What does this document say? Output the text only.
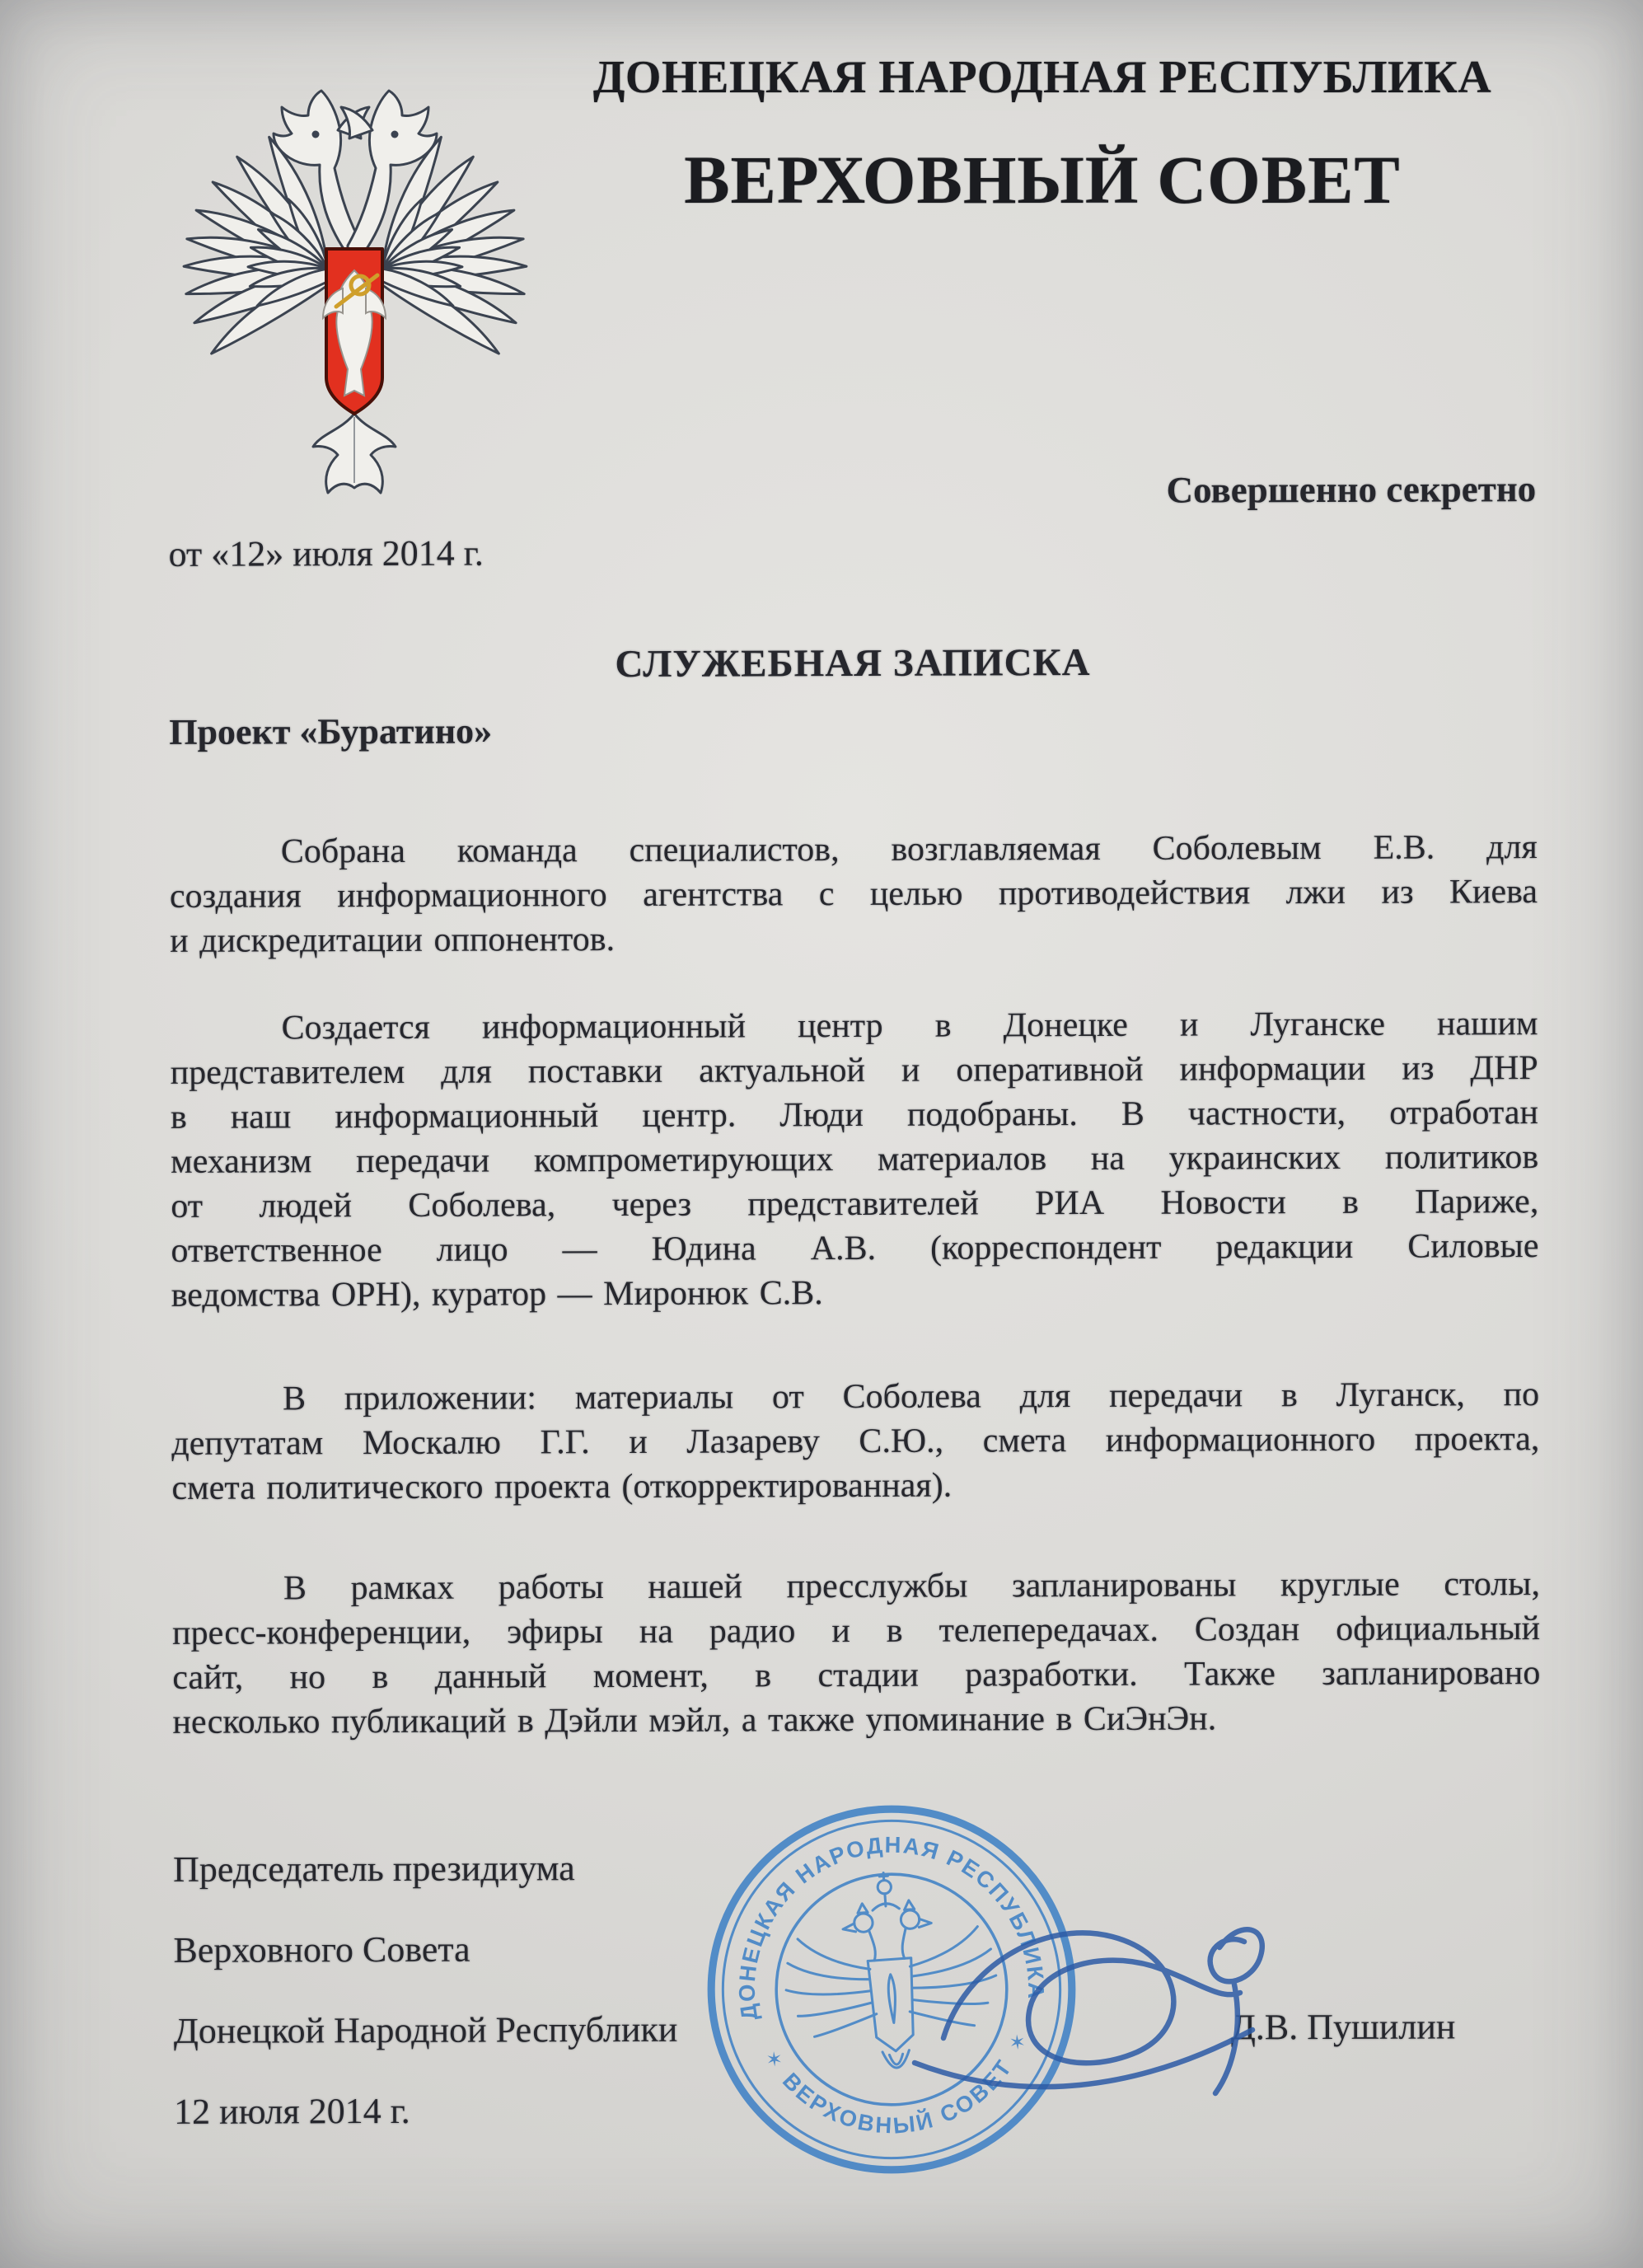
ДОНЕЦКАЯ НАРОДНАЯ РЕСПУБЛИКА
ВЕРХОВНЫЙ СОВЕТ
Совершенно секретно
от «12» июля 2014 г.
СЛУЖЕБНАЯ ЗАПИСКА
Проект «Буратино»

Собрана команда специалистов, возглавляемая Соболевым Е.В. для
создания информационного агентства с целью противодействия лжи из Киева
и дискредитации оппонентов.

Создается информационный центр в Донецке и Луганске нашим
представителем для поставки актуальной и оперативной информации из ДНР
в наш информационный центр. Люди подобраны. В частности, отработан
механизм передачи компрометирующих материалов на украинских политиков
от людей Соболева, через представителей РИА Новости в Париже,
ответственное лицо — Юдина А.В. (корреспондент редакции Силовые
ведомства ОРН), куратор — Миронюк С.В.

В приложении: материалы от Соболева для передачи в Луганск, по
депутатам Москалю Г.Г. и Лазареву С.Ю., смета информационного проекта,
смета политического проекта (откорректированная).

В рамках работы нашей пресслужбы запланированы круглые столы,
пресс-конференции, эфиры на радио и в телепередачах. Создан официальный
сайт, но в данный момент, в стадии разработки. Также запланировано
несколько публикаций в Дэйли мэйл, а также упоминание в СиЭнЭн.

Председатель президиума
Верховного Совета
Донецкой Народной Республики	Д.В. Пушилин
12 июля 2014 г.
ДОНЕЦКАЯ НАРОДНАЯ РЕСПУБЛИКА
ВЕРХОВНЫЙ СОВЕТ
✶
✶
